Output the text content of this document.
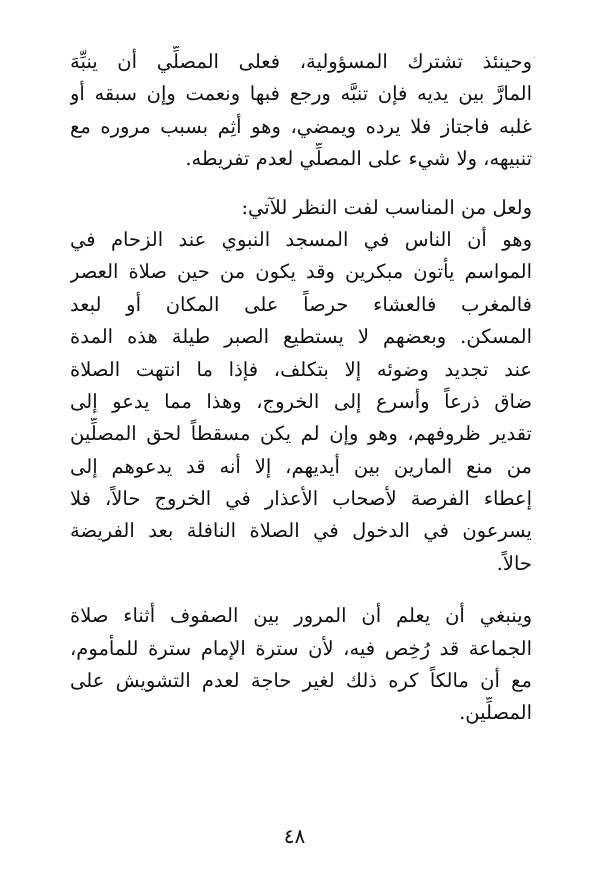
وحينئذ تشترك المسؤولية، فعلى المصلِّي أن ينبِّهَ
المارَّ بين يديه فإن تنبَّه ورجع فبها ونعمت وإن سبقه أو
غلبه فاجتاز فلا يرده ويمضي، وهو أثِم بسبب مروره مع
تنبيهه، ولا شيء على المصلِّي لعدم تفريطه.

ولعل من المناسب لفت النظر للآتي:

وهو أن الناس في المسجد النبوي عند الزحام في
المواسم يأتون مبكرين وقد يكون من حين صلاة العصر
فالمغرب فالعشاء حرصاً على المكان أو لبعد
المسكن. وبعضهم لا يستطيع الصبر طيلة هذه المدة
عند تجديد وضوئه إلا بتكلف، فإذا ما انتهت الصلاة
ضاق ذرعاً وأسرع إلى الخروج، وهذا مما يدعو إلى
تقدير ظروفهم، وهو وإن لم يكن مسقطاً لحق المصلِّين
من منع المارين بين أيديهم، إلا أنه قد يدعوهم إلى
إعطاء الفرصة لأصحاب الأعذار في الخروج حالاً، فلا
يسرعون في الدخول في الصلاة النافلة بعد الفريضة
حالاً.

وينبغي أن يعلم أن المرور بين الصفوف أثناء صلاة
الجماعة قد رُخِص فيه، لأن سترة الإمام سترة للمأموم،
مع أن مالكاً كره ذلك لغير حاجة لعدم التشويش على
المصلِّين.

٤٨
